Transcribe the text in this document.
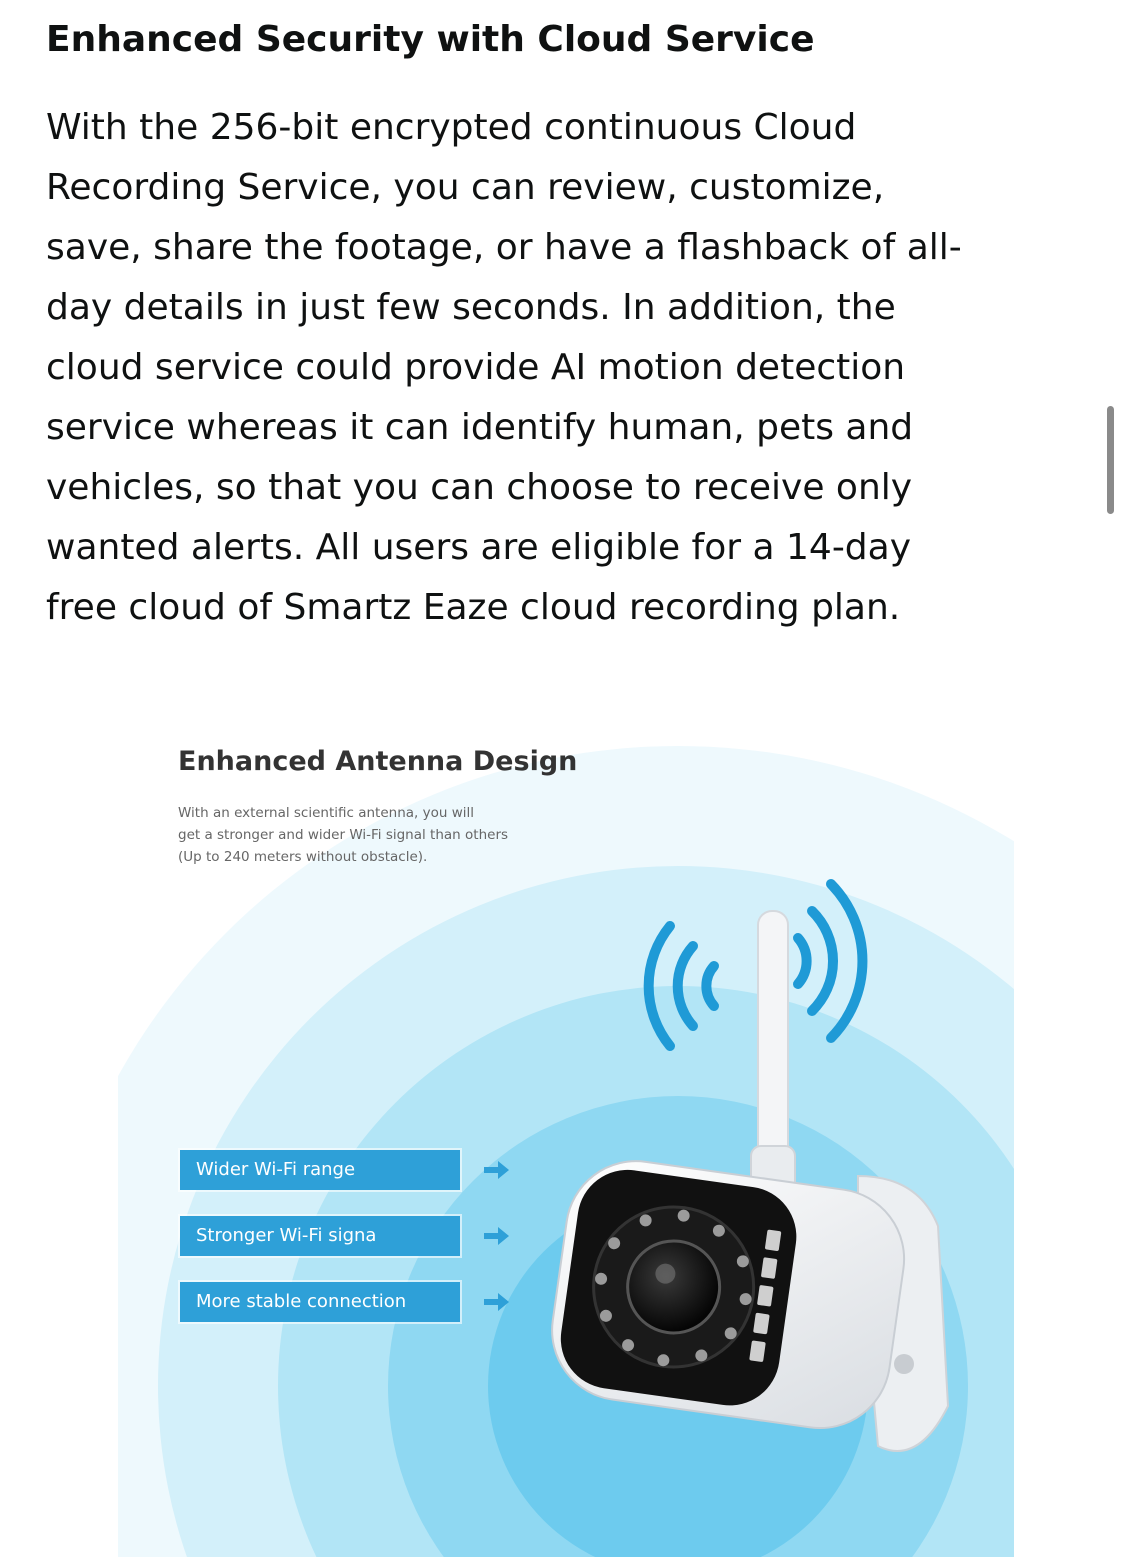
Enhanced Security with Cloud Service

With the 256-bit encrypted continuous Cloud
Recording Service, you can review, customize,
save, share the footage, or have a flashback of all-
day details in just few seconds. In addition, the
cloud service could provide AI motion detection
service whereas it can identify human, pets and
vehicles, so that you can choose to receive only
wanted alerts. All users are eligible for a 14-day
free cloud of Smartz Eaze cloud recording plan.

Enhanced Antenna Design

With an external scientific antenna, you will
get a stronger and wider Wi-Fi signal than others
(Up to 240 meters without obstacle).

Wider Wi-Fi range
Stronger Wi-Fi signa
More stable connection
